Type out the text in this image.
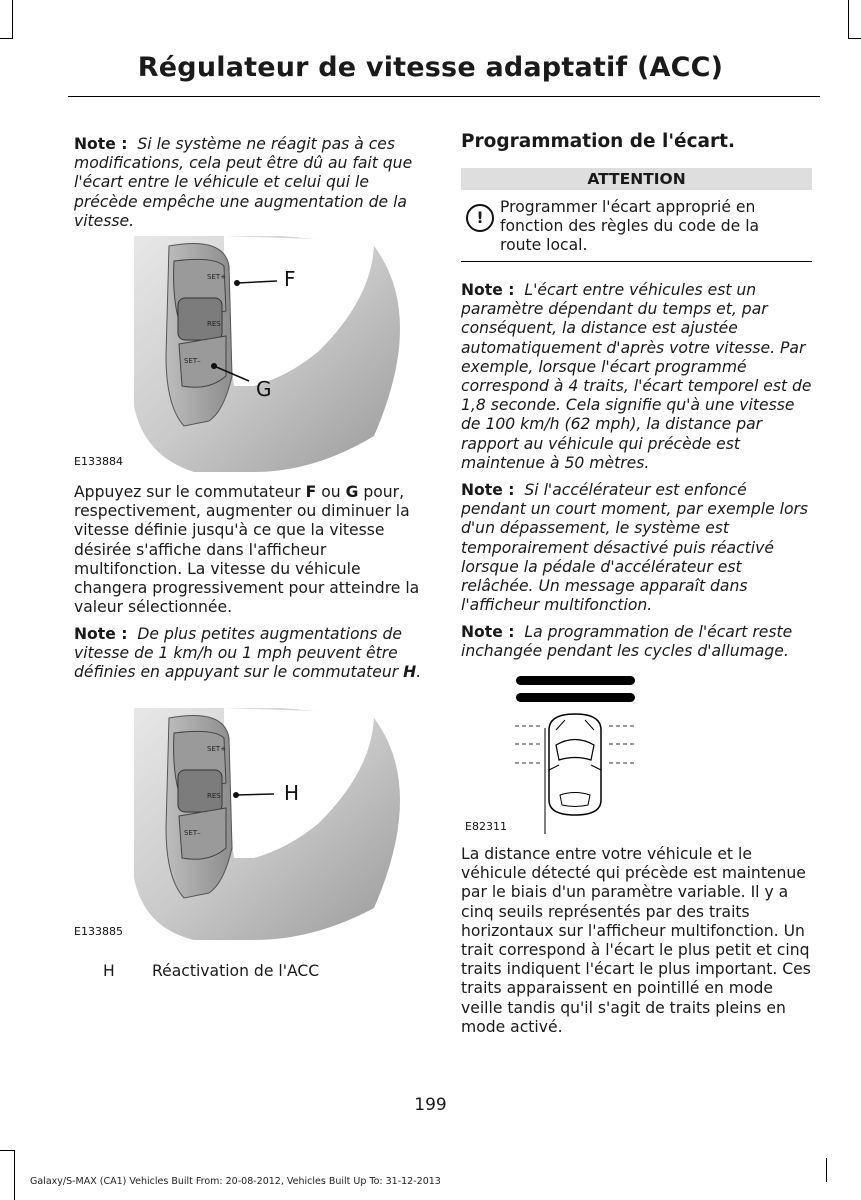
Régulateur de vitesse adaptatif (ACC)

Note : Si le système ne réagit pas à ces modifications, cela peut être dû au fait que l'écart entre le véhicule et celui qui le précède empêche une augmentation de la vitesse.

SET+
RES
SET–
F
G
E133884

Appuyez sur le commutateur F ou G pour, respectivement, augmenter ou diminuer la vitesse définie jusqu'à ce que la vitesse désirée s'affiche dans l'afficheur multifonction. La vitesse du véhicule changera progressivement pour atteindre la valeur sélectionnée.

Note : De plus petites augmentations de vitesse de 1 km/h ou 1 mph peuvent être définies en appuyant sur le commutateur H.

SET+
RES
SET–
H
E133885
H Réactivation de l'ACC
Programmation de l'écart.
ATTENTION
!

Programmer l'écart approprié en fonction des règles du code de la route local.

Note : L'écart entre véhicules est un paramètre dépendant du temps et, par conséquent, la distance est ajustée automatiquement d'après votre vitesse. Par exemple, lorsque l'écart programmé correspond à 4 traits, l'écart temporel est de 1,8 seconde. Cela signifie qu'à une vitesse de 100 km/h (62 mph), la distance par rapport au véhicule qui précède est maintenue à 50 mètres.

Note : Si l'accélérateur est enfoncé pendant un court moment, par exemple lors d'un dépassement, le système est temporairement désactivé puis réactivé lorsque la pédale d'accélérateur est relâchée. Un message apparaît dans l'afficheur multifonction.

Note : La programmation de l'écart reste inchangée pendant les cycles d'allumage.

E82311

La distance entre votre véhicule et le véhicule détecté qui précède est maintenue par le biais d'un paramètre variable. Il y a cinq seuils représentés par des traits horizontaux sur l'afficheur multifonction. Un trait correspond à l'écart le plus petit et cinq traits indiquent l'écart le plus important. Ces traits apparaissent en pointillé en mode veille tandis qu'il s'agit de traits pleins en mode activé.

199
Galaxy/S-MAX (CA1) Vehicles Built From: 20-08-2012, Vehicles Built Up To: 31-12-2013
